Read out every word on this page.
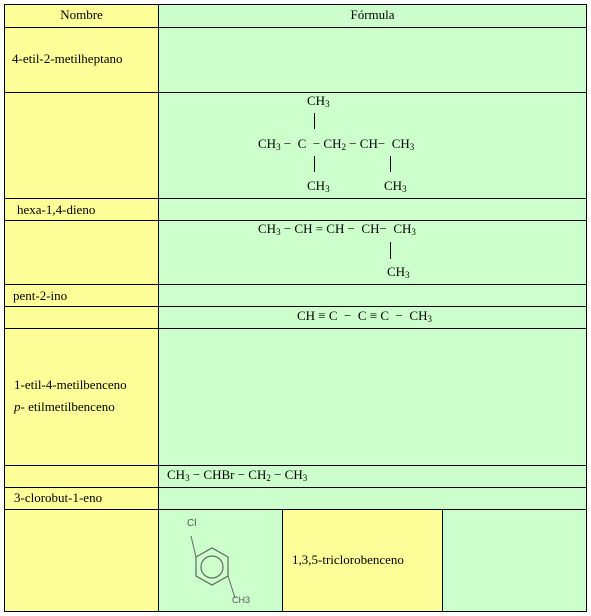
Nombre	Fórmula
4-etil-2-metilheptano
$CH_3$
$CH_3 - C - CH_2 - CH- CH_3$
$CH_3$	$CH_3$
hexa-1,4-dieno
$CH_3$ − CH = CH −  $CH- CH_3$
$CH_3$
pent-2-ino
CH ≡ $C - C \equiv C - CH_3$
1-etil-4-metilbenceno
p- etilmetilbenceno
$CH_3$ − CHBr − $CH_2 - CH_3$
3-clorobut-1-eno
Cl
CH3
1,3,5-triclorobenceno
